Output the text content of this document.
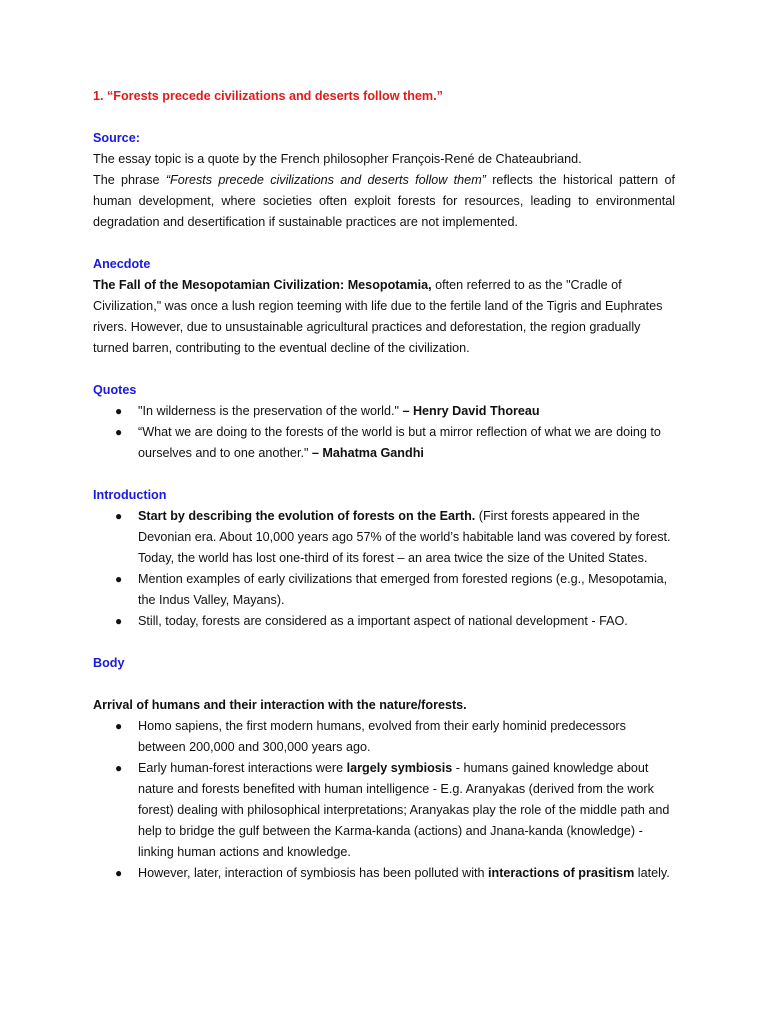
1. “Forests precede civilizations and deserts follow them.”

Source:

The essay topic is a quote by the French philosopher François-René de Chateaubriand.

The phrase “Forests precede civilizations and deserts follow them” reflects the historical pattern of human development, where societies often exploit forests for resources, leading to environmental degradation and desertification if sustainable practices are not implemented.

Anecdote

The Fall of the Mesopotamian Civilization: Mesopotamia, often referred to as the "Cradle of Civilization," was once a lush region teeming with life due to the fertile land of the Tigris and Euphrates rivers. However, due to unsustainable agricultural practices and deforestation, the region gradually turned barren, contributing to the eventual decline of the civilization.

Quotes

● "In wilderness is the preservation of the world." – Henry David Thoreau
● “What we are doing to the forests of the world is but a mirror reflection of what we are doing to ourselves and to one another." – Mahatma Gandhi

Introduction

● Start by describing the evolution of forests on the Earth. (First forests appeared in the Devonian era. About 10,000 years ago 57% of the world’s habitable land was covered by forest. Today, the world has lost one-third of its forest – an area twice the size of the United States.
● Mention examples of early civilizations that emerged from forested regions (e.g., Mesopotamia, the Indus Valley, Mayans).
● Still, today, forests are considered as a important aspect of national development - FAO.

Body

Arrival of humans and their interaction with the nature/forests.

● Homo sapiens, the first modern humans, evolved from their early hominid predecessors between 200,000 and 300,000 years ago.
● Early human-forest interactions were largely symbiosis - humans gained knowledge about nature and forests benefited with human intelligence - E.g. Aranyakas (derived from the work forest) dealing with philosophical interpretations; Aranyakas play the role of the middle path and help to bridge the gulf between the Karma-kanda (actions) and Jnana-kanda (knowledge) - linking human actions and knowledge.
● However, later, interaction of symbiosis has been polluted with interactions of prasitism lately.
